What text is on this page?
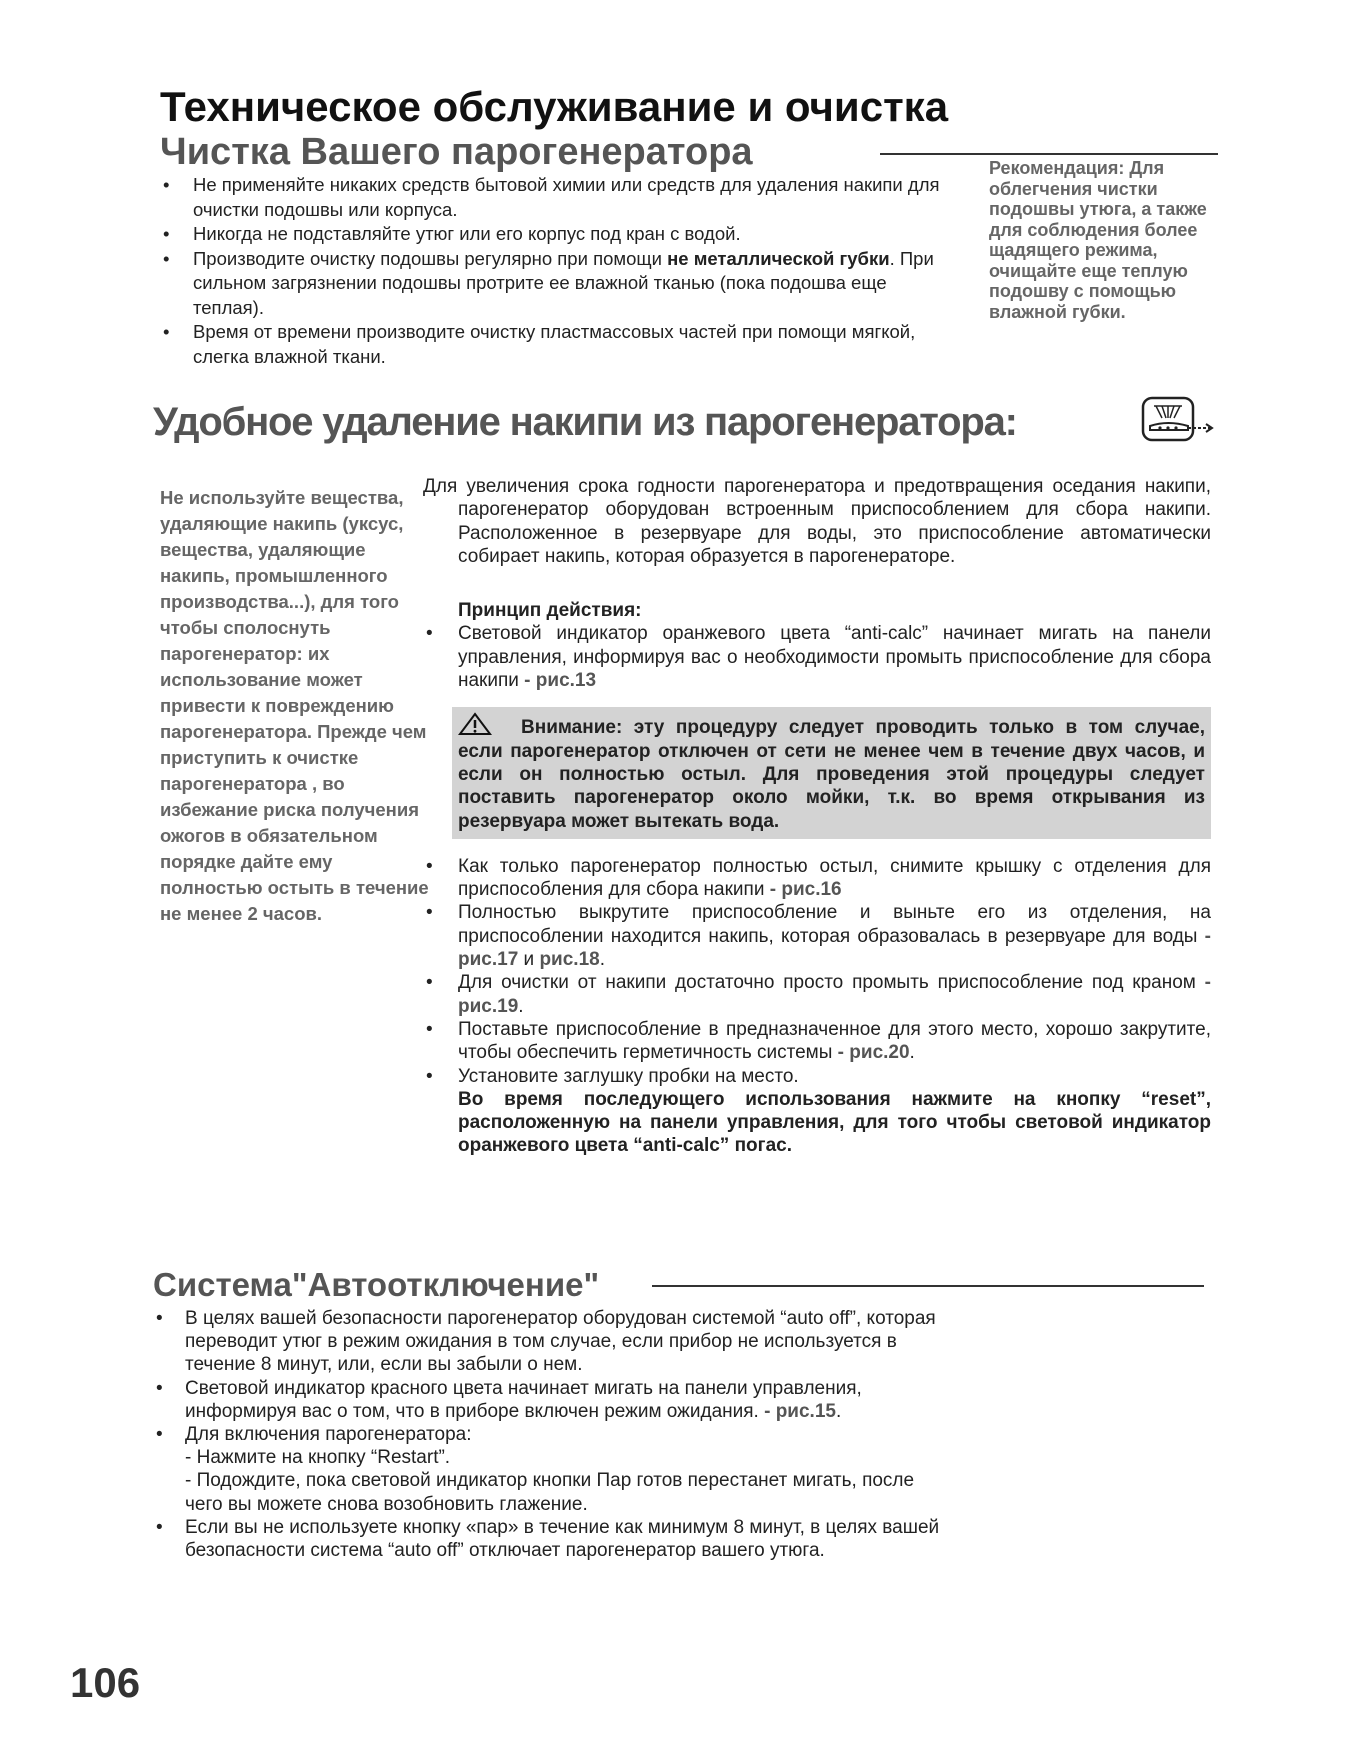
Техническое обслуживание и очистка
Чистка Вашего парогенератора
• Не применяйте никаких средств бытовой химии или средств для удаления накипи для очистки подошвы или корпуса.
• Никогда не подставляйте утюг или его корпус под кран с водой.
• Производите очистку подошвы регулярно при помощи не металлической губки. При сильном загрязнении подошвы протрите ее влажной тканью (пока подошва еще теплая).
• Время от времени производите очистку пластмассовых частей при помощи мягкой, слегка влажной ткани.

Рекомендация: Для облегчения чистки подошвы утюга, а также для соблюдения более щадящего режима, очищайте еще теплую подошву с помощью влажной губки.

Удобное удаление накипи из парогенератора:

Не используйте вещества, удаляющие накипь (уксус, вещества, удаляющие накипь, промышленного производства...), для того чтобы сполоснуть парогенератор: их использование может привести к повреждению парогенератора. Прежде чем приступить к очистке парогенератора , во избежание риска получения ожогов в обязательном порядке дайте ему полностью остыть в течение не менее 2 часов.

Для увеличения срока годности парогенератора и предотвращения оседания накипи, парогенератор оборудован встроенным приспособлением для сбора накипи. Расположенное в резервуаре для воды, это приспособление автоматически собирает накипь, которая образуется в парогенераторе.

Принцип действия:

• Световой индикатор оранжевого цвета “anti-calc” начинает мигать на панели управления, информируя вас о необходимости промыть приспособление для сбора накипи - рис.13
Внимание: эту процедуру следует проводить только в том случае, если парогенератор отключен от сети не менее чем в течение двух часов, и если он полностью остыл. Для проведения этой процедуры следует поставить парогенератор около мойки, т.к. во время открывания из резервуара может вытекать вода.
• Как только парогенератор полностью остыл, снимите крышку с отделения для приспособления для сбора накипи - рис.16
• Полностью выкрутите приспособление и выньте его из отделения, на приспособлении находится накипь, которая образовалась в резервуаре для воды - рис.17 и рис.18.
• Для очистки от накипи достаточно просто промыть приспособление под краном - рис.19.
• Поставьте приспособление в предназначенное для этого место, хорошо закрутите, чтобы обеспечить герметичность системы - рис.20.
• Установите заглушку пробки на место.

Во время последующего использования нажмите на кнопку “reset”, расположенную на панели управления, для того чтобы световой индикатор оранжевого цвета “anti-calc” погас.

Система"Автоотключение"
• В целях вашей безопасности парогенератор оборудован системой “auto off”, которая переводит утюг в режим ожидания в том случае, если прибор не используется в течение 8 минут, или, если вы забыли о нем.
• Световой индикатор красного цвета начинает мигать на панели управления, информируя вас о том, что в приборе включен режим ожидания. - рис.15.
• Для включения парогенератора:
- Нажмите на кнопку “Restart”.
- Подождите, пока световой индикатор кнопки Пар готов перестанет мигать, после чего вы можете снова возобновить глажение.
• Если вы не используете кнопку «пар» в течение как минимум 8 минут, в целях вашей безопасности система “auto off” отключает парогенератор вашего утюга.

106
